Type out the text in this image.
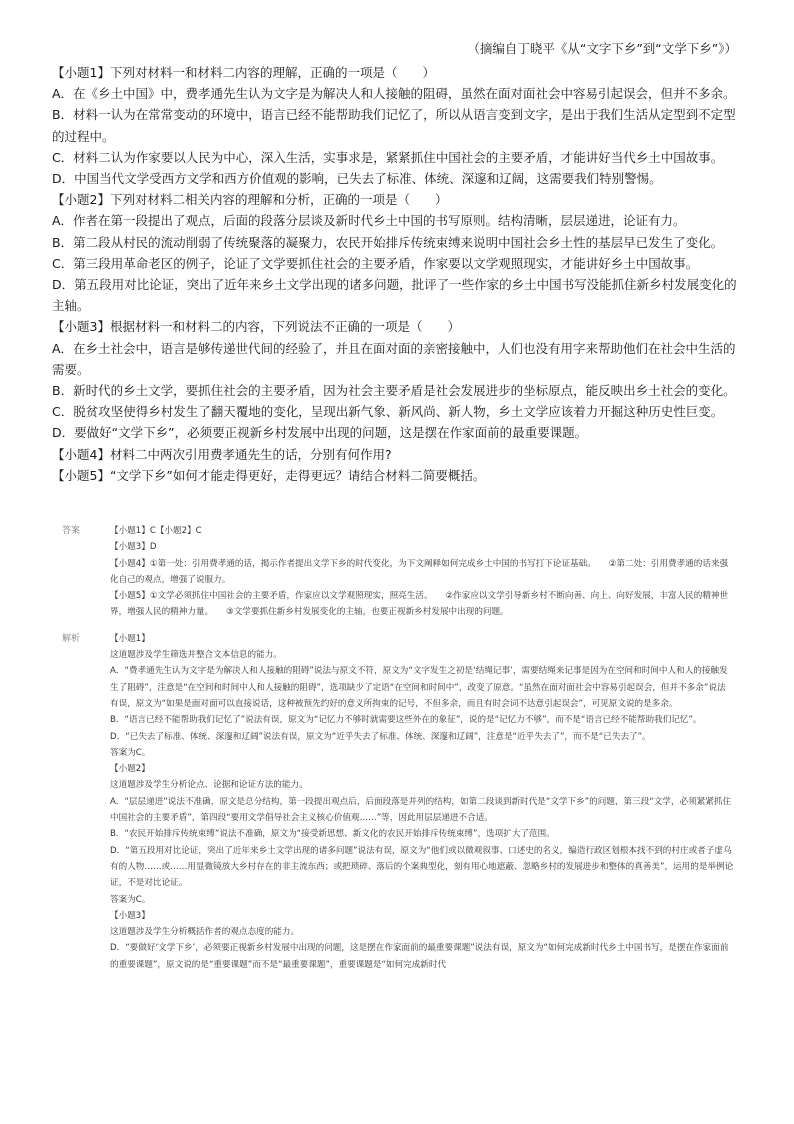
（摘编自丁晓平《从“文字下乡”到“文学下乡”》）

【小题1】下列对材料一和材料二内容的理解，正确的一项是（　　）

A．在《乡土中国》中，费孝通先生认为文字是为解决人和人接触的阻碍，虽然在面对面社会中容易引起误会，但并不多余。

B．材料一认为在常常变动的环境中，语言已经不能帮助我们记忆了，所以从语言变到文字，是出于我们生活从定型到不定型的过程中。

C．材料二认为作家要以人民为中心，深入生活，实事求是，紧紧抓住中国社会的主要矛盾，才能讲好当代乡土中国故事。

D．中国当代文学受西方文学和西方价值观的影响，已失去了标准、体统、深邃和辽阔，这需要我们特别警惕。

【小题2】下列对材料二相关内容的理解和分析，正确的一项是（　　）

A．作者在第一段提出了观点，后面的段落分层谈及新时代乡土中国的书写原则。结构清晰，层层递进，论证有力。

B．第二段从村民的流动削弱了传统聚落的凝聚力，农民开始排斥传统束缚来说明中国社会乡土性的基层早已发生了变化。

C．第三段用革命老区的例子，论证了文学要抓住社会的主要矛盾，作家要以文学观照现实，才能讲好乡土中国故事。

D．第五段用对比论证，突出了近年来乡土文学出现的诸多问题，批评了一些作家的乡土中国书写没能抓住新乡村发展变化的主轴。

【小题3】根据材料一和材料二的内容，下列说法不正确的一项是（　　）

A．在乡土社会中，语言是够传递世代间的经验了，并且在面对面的亲密接触中，人们也没有用字来帮助他们在社会中生活的需要。

B．新时代的乡土文学，要抓住社会的主要矛盾，因为社会主要矛盾是社会发展进步的坐标原点，能反映出乡土社会的变化。

C．脱贫攻坚使得乡村发生了翻天覆地的变化，呈现出新气象、新风尚、新人物，乡土文学应该着力开掘这种历史性巨变。

D．要做好“文学下乡”，必须要正视新乡村发展中出现的问题，这是摆在作家面前的最重要课题。

【小题4】材料二中两次引用费孝通先生的话，分别有何作用?

【小题5】“文学下乡”如何才能走得更好，走得更远？请结合材料二简要概括。

答案	【小题1】C【小题2】C

【小题3】D

【小题4】①第一处：引用费孝通的话，揭示作者提出文学下乡的时代变化，为下文阐释如何完成乡土中国的书写打下论证基础。　　②第二处：引用费孝通的话来强化自己的观点，增强了说服力。

【小题5】①文学必须抓住中国社会的主要矛盾，作家应以文学观照现实，照亮生活。　　②作家应以文学引导新乡村不断向善、向上、向好发展，丰富人民的精神世界，增强人民的精神力量。　　③文学要抓住新乡村发展变化的主轴，也要正视新乡村发展中出现的问题。

解析	【小题1】

这道题涉及学生筛选并整合文本信息的能力。

A．“费孝通先生认为文字是为解决人和人接触的阻碍”说法与原文不符，原文为“文字发生之初是‘结绳记事’，需要结绳来记事是因为在空间和时间中人和人的接触发生了阻碍”，注意是“在空间和时间中人和人接触的阻碍”，选项缺少了定语“在空间和时间中”，改变了原意。“虽然在面对面社会中容易引起误会，但并不多余”说法有误，原文为“如果是面对面可以直接说话，这种被预先约好的意义所拘束的记号，不但多余，而且有时会词不达意引起误会”，可见原文说的是多余。

B．“语言已经不能帮助我们记忆了”说法有误，原文为“记忆力不够时就需要这些外在的象征”，说的是“记忆力不够”，而不是“语言已经不能帮助我们记忆”。

D．“已失去了标准、体统、深邃和辽阔”说法有误，原文为“近乎失去了标准、体统、深邃和辽阔”，注意是“近乎失去了”，而不是“已失去了”。

答案为C。

【小题2】

这道题涉及学生分析论点、论据和论证方法的能力。

A．“层层递进”说法不准确，原文是总分结构，第一段提出观点后，后面段落是并列的结构，如第二段谈到新时代是“文学下乡”的问题，第三段“文学，必须紧紧抓住中国社会的主要矛盾”，第四段“要用文学倡导社会主义核心价值观……”等，因此用层层递进不合适。

B．“农民开始排斥传统束缚”说法不准确，原文为“接受新思想、新文化的农民开始排斥传统束缚”，选项扩大了范围。

D．“第五段用对比论证，突出了近年来乡土文学出现的诸多问题”说法有误，原文为“他们或以微观叙事、口述史的名义，编造行政区划根本找不到的村庄或者子虚乌有的人物……或……用显微镜放大乡村存在的非主流东西；或把琐碎、落后的个案典型化，刻有用心地遮蔽、忽略乡村的发展进步和整体的真善美”，运用的是举例论证，不是对比论证。

答案为C。

【小题3】

这道题涉及学生分析概括作者的观点态度的能力。

D．“要做好‘文学下乡’，必须要正视新乡村发展中出现的问题，这是摆在作家面前的最重要课题”说法有误，原文为“如何完成新时代乡土中国书写，是摆在作家面前的重要课题”，原文说的是“重要课题”而不是“最重要课题”，重要课题是“如何完成新时代
